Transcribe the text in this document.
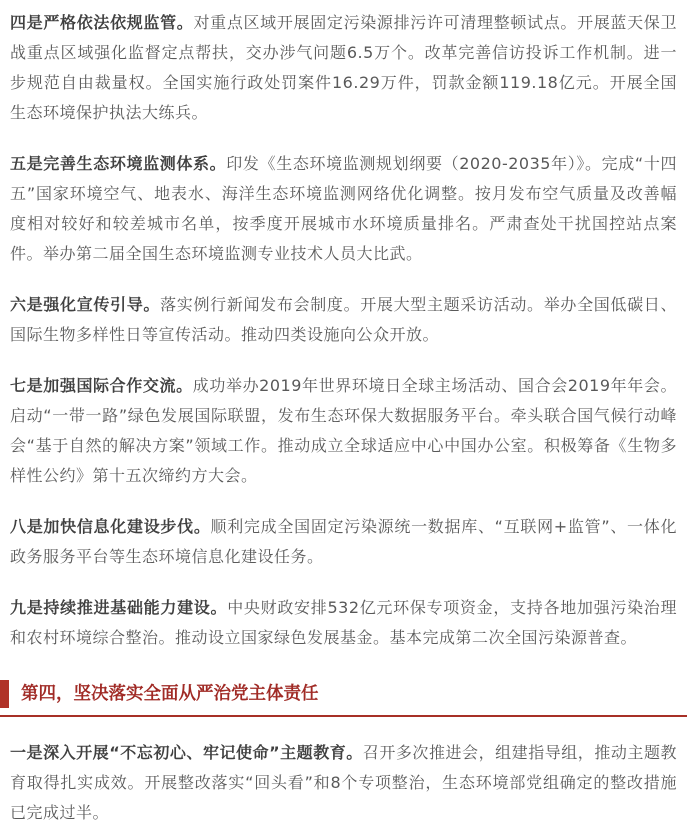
四是严格依法依规监管。对重点区域开展固定污染源排污许可清理整顿试点。开展蓝天保卫战重点区域强化监督定点帮扶，交办涉气问题6.5万个。改革完善信访投诉工作机制。进一步规范自由裁量权。全国实施行政处罚案件16.29万件，罚款金额119.18亿元。开展全国生态环境保护执法大练兵。

五是完善生态环境监测体系。印发《生态环境监测规划纲要（2020-2035年）》。完成“十四五”国家环境空气、地表水、海洋生态环境监测网络优化调整。按月发布空气质量及改善幅度相对较好和较差城市名单，按季度开展城市水环境质量排名。严肃查处干扰国控站点案件。举办第二届全国生态环境监测专业技术人员大比武。

六是强化宣传引导。落实例行新闻发布会制度。开展大型主题采访活动。举办全国低碳日、国际生物多样性日等宣传活动。推动四类设施向公众开放。

七是加强国际合作交流。成功举办2019年世界环境日全球主场活动、国合会2019年年会。启动“一带一路”绿色发展国际联盟，发布生态环保大数据服务平台。牵头联合国气候行动峰会“基于自然的解决方案”领域工作。推动成立全球适应中心中国办公室。积极筹备《生物多样性公约》第十五次缔约方大会。

八是加快信息化建设步伐。顺利完成全国固定污染源统一数据库、“互联网+监管”、一体化政务服务平台等生态环境信息化建设任务。

九是持续推进基础能力建设。中央财政安排532亿元环保专项资金，支持各地加强污染治理和农村环境综合整治。推动设立国家绿色发展基金。基本完成第二次全国污染源普查。

第四，坚决落实全面从严治党主体责任

一是深入开展“不忘初心、牢记使命”主题教育。召开多次推进会，组建指导组，推动主题教育取得扎实成效。开展整改落实“回头看”和8个专项整治，生态环境部党组确定的整改措施已完成过半。
